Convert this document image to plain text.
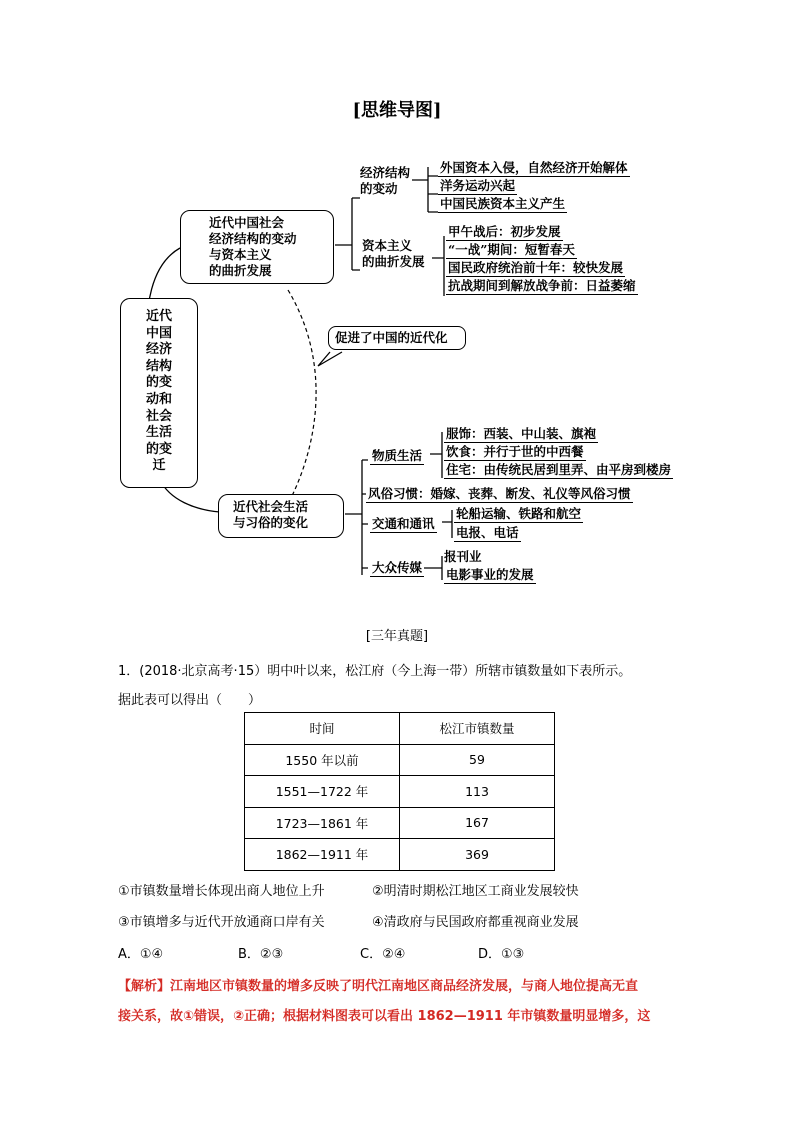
[思维导图]
近代
中国
经济
结构
的变
动和
社会
生活
的变
迁
近代中国社会
经济结构的变动
与资本主义
的曲折发展
经济结构
的变动
外国资本入侵，自然经济开始解体
洋务运动兴起
中国民族资本主义产生
资本主义
的曲折发展
甲午战后：初步发展
“一战”期间：短暂春天
国民政府统治前十年：较快发展
抗战期间到解放战争前：日益萎缩
促进了中国的近代化
近代社会生活
与习俗的变化
物质生活
服饰：西装、中山装、旗袍
饮食：并行于世的中西餐
住宅：由传统民居到里弄、由平房到楼房
风俗习惯：婚嫁、丧葬、断发、礼仪等风俗习惯
交通和通讯
轮船运输、铁路和航空
电报、电话
大众传媒
报刊业
电影事业的发展
[三年真题]
1．(2018·北京高考·15）明中叶以来，松江府（今上海一带）所辖市镇数量如下表所示。
据此表可以得出（　　）
时间	松江市镇数量
1550 年以前	59
1551—1722 年	113
1723—1861 年	167
1862—1911 年	369
①市镇数量增长体现出商人地位上升	②明清时期松江地区工商业发展较快
③市镇增多与近代开放通商口岸有关	④清政府与民国政府都重视商业发展
A．①④	B．②③	C．②④	D．①③
【解析】江南地区市镇数量的增多反映了明代江南地区商品经济发展，与商人地位提高无直
接关系，故①错误，②正确；根据材料图表可以看出 1862—1911 年市镇数量明显增多，这
